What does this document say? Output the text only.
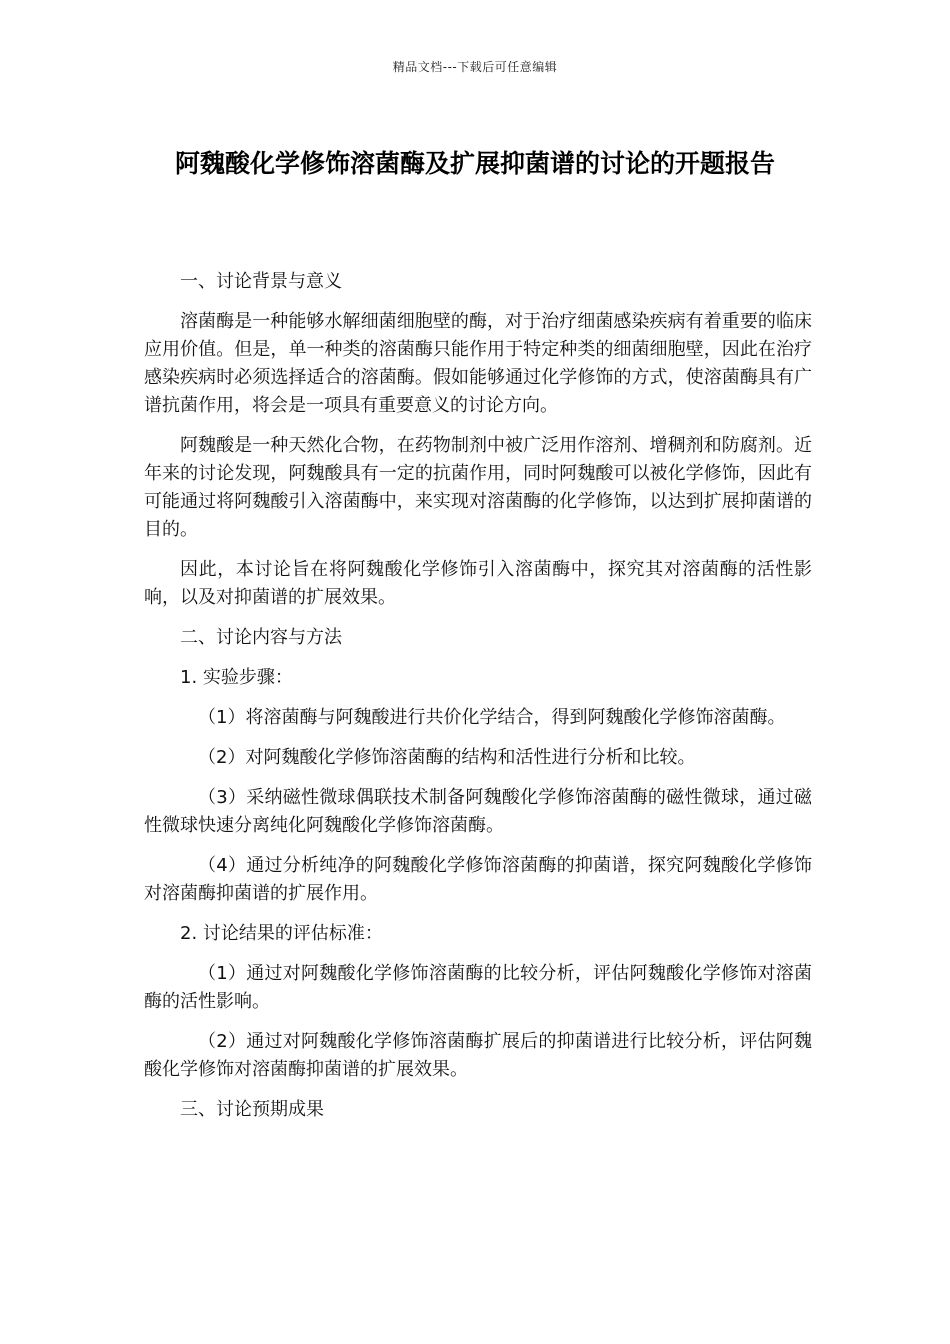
精品文档---下载后可任意编辑
阿魏酸化学修饰溶菌酶及扩展抑菌谱的讨论的开题报告

一、讨论背景与意义

溶菌酶是一种能够水解细菌细胞壁的酶，对于治疗细菌感染疾病有着重要的临床应用价值。但是，单一种类的溶菌酶只能作用于特定种类的细菌细胞壁，因此在治疗感染疾病时必须选择适合的溶菌酶。假如能够通过化学修饰的方式，使溶菌酶具有广谱抗菌作用，将会是一项具有重要意义的讨论方向。

阿魏酸是一种天然化合物，在药物制剂中被广泛用作溶剂、增稠剂和防腐剂。近年来的讨论发现，阿魏酸具有一定的抗菌作用，同时阿魏酸可以被化学修饰，因此有可能通过将阿魏酸引入溶菌酶中，来实现对溶菌酶的化学修饰，以达到扩展抑菌谱的目的。

因此，本讨论旨在将阿魏酸化学修饰引入溶菌酶中，探究其对溶菌酶的活性影响，以及对抑菌谱的扩展效果。

二、讨论内容与方法

1. 实验步骤：

（1）将溶菌酶与阿魏酸进行共价化学结合，得到阿魏酸化学修饰溶菌酶。

（2）对阿魏酸化学修饰溶菌酶的结构和活性进行分析和比较。

（3）采纳磁性微球偶联技术制备阿魏酸化学修饰溶菌酶的磁性微球，通过磁性微球快速分离纯化阿魏酸化学修饰溶菌酶。

（4）通过分析纯净的阿魏酸化学修饰溶菌酶的抑菌谱，探究阿魏酸化学修饰对溶菌酶抑菌谱的扩展作用。

2. 讨论结果的评估标准：

（1）通过对阿魏酸化学修饰溶菌酶的比较分析，评估阿魏酸化学修饰对溶菌酶的活性影响。

（2）通过对阿魏酸化学修饰溶菌酶扩展后的抑菌谱进行比较分析，评估阿魏酸化学修饰对溶菌酶抑菌谱的扩展效果。

三、讨论预期成果
